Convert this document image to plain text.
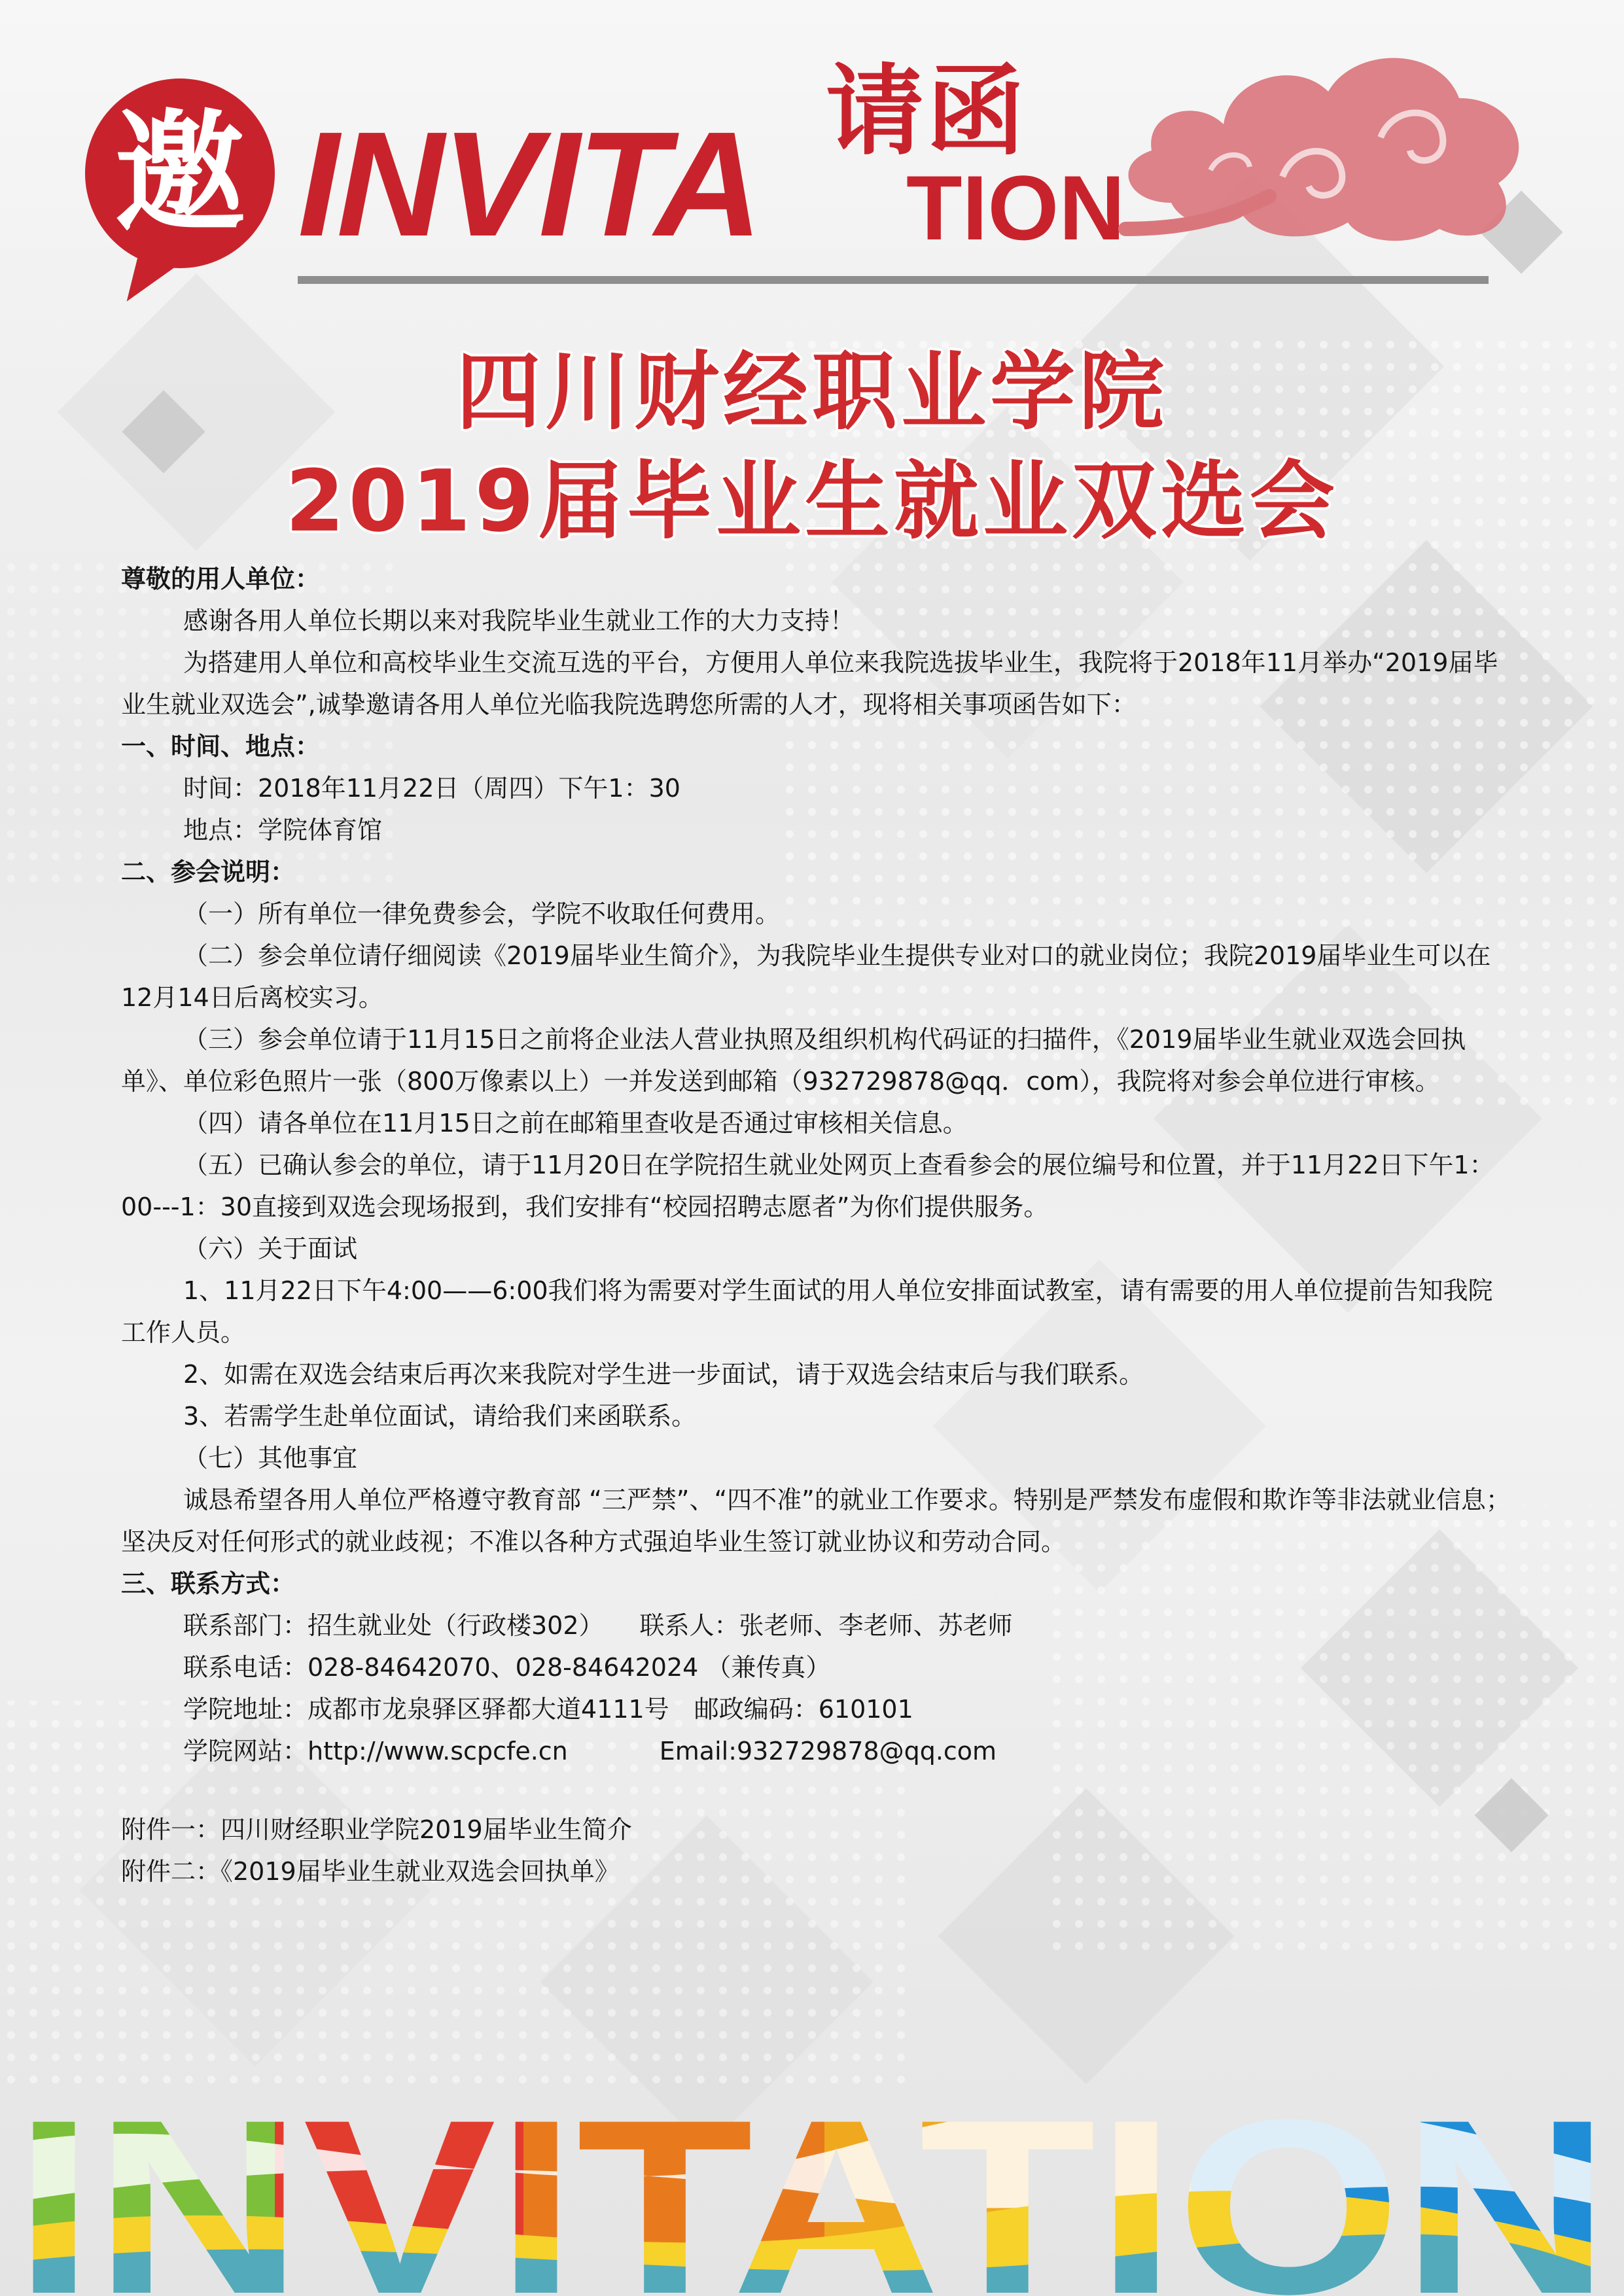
邀 INVITA 请函
TION
四川财经职业学院
2019届毕业生就业双选会

尊敬的用人单位：

感谢各用人单位长期以来对我院毕业生就业工作的大力支持！

为搭建用人单位和高校毕业生交流互选的平台，方便用人单位来我院选拔毕业生，我院将于2018年11月举办“2019届毕业生就业双选会”,诚挚邀请各用人单位光临我院选聘您所需的人才，现将相关事项函告如下：

一、时间、地点：

时间：2018年11月22日（周四）下午1：30

地点：学院体育馆

二、参会说明：

（一）所有单位一律免费参会，学院不收取任何费用。

（二）参会单位请仔细阅读《2019届毕业生简介》，为我院毕业生提供专业对口的就业岗位；我院2019届毕业生可以在12月14日后离校实习。

（三）参会单位请于11月15日之前将企业法人营业执照及组织机构代码证的扫描件，《2019届毕业生就业双选会回执单》、单位彩色照片一张（800万像素以上）一并发送到邮箱（932729878@qq．com），我院将对参会单位进行审核。

（四）请各单位在11月15日之前在邮箱里查收是否通过审核相关信息。

（五）已确认参会的单位，请于11月20日在学院招生就业处网页上查看参会的展位编号和位置，并于11月22日下午1：00---1：30直接到双选会现场报到，我们安排有“校园招聘志愿者”为你们提供服务。

（六）关于面试

1、11月22日下午4:00——6:00我们将为需要对学生面试的用人单位安排面试教室，请有需要的用人单位提前告知我院工作人员。

2、如需在双选会结束后再次来我院对学生进一步面试，请于双选会结束后与我们联系。

3、若需学生赴单位面试，请给我们来函联系。

（七）其他事宜

诚恳希望各用人单位严格遵守教育部 “三严禁”、“四不准”的就业工作要求。特别是严禁发布虚假和欺诈等非法就业信息；坚决反对任何形式的就业歧视；不准以各种方式强迫毕业生签订就业协议和劳动合同。

三、联系方式：

联系部门：招生就业处（行政楼302） 联系人：张老师、李老师、苏老师

联系电话：028-84642070、028-84642024 （兼传真）

学院地址：成都市龙泉驿区驿都大道4111号 邮政编码：610101

学院网站：http://www.scpcfe.cn	Email:932729878@qq.com

附件一：四川财经职业学院2019届毕业生简介

附件二：《2019届毕业生就业双选会回执单》
